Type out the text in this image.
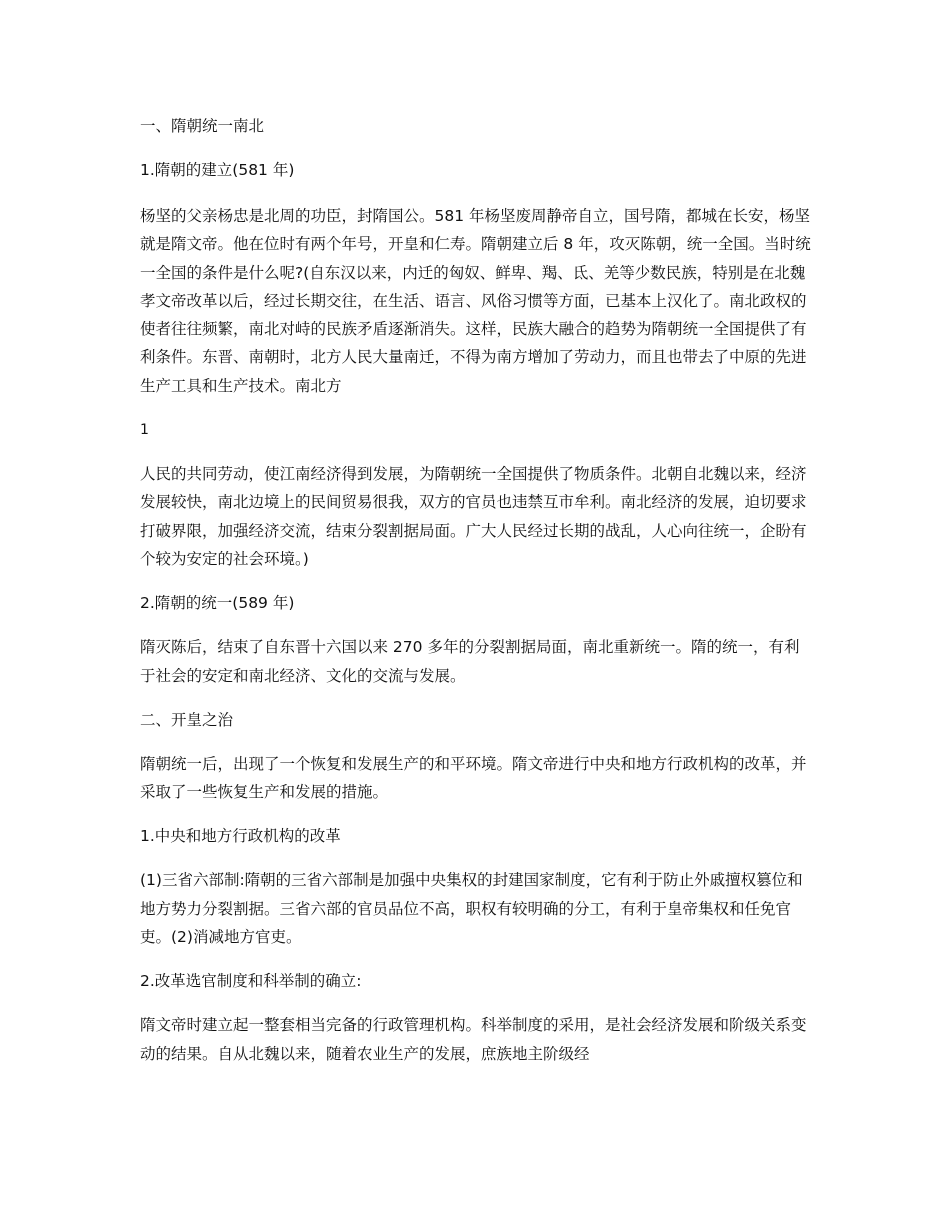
一、隋朝统一南北

1.隋朝的建立(581 年)

杨坚的父亲杨忠是北周的功臣，封隋国公。581 年杨坚废周静帝自立，国号隋，都城在长安，杨坚就是隋文帝。他在位时有两个年号，开皇和仁寿。隋朝建立后 8 年，攻灭陈朝，统一全国。当时统一全国的条件是什么呢?(自东汉以来，内迁的匈奴、鲜卑、羯、氐、羌等少数民族，特别是在北魏孝文帝改革以后，经过长期交往，在生活、语言、风俗习惯等方面，已基本上汉化了。南北政权的使者往往频繁，南北对峙的民族矛盾逐渐消失。这样，民族大融合的趋势为隋朝统一全国提供了有利条件。东晋、南朝时，北方人民大量南迁，不得为南方增加了劳动力，而且也带去了中原的先进生产工具和生产技术。南北方

1

人民的共同劳动，使江南经济得到发展，为隋朝统一全国提供了物质条件。北朝自北魏以来，经济发展较快，南北边境上的民间贸易很我，双方的官员也违禁互市牟利。南北经济的发展，迫切要求打破界限，加强经济交流，结束分裂割据局面。广大人民经过长期的战乱，人心向往统一，企盼有个较为安定的社会环境。)

2.隋朝的统一(589 年)

隋灭陈后，结束了自东晋十六国以来 270 多年的分裂割据局面，南北重新统一。隋的统一，有利于社会的安定和南北经济、文化的交流与发展。

二、开皇之治

隋朝统一后，出现了一个恢复和发展生产的和平环境。隋文帝进行中央和地方行政机构的改革，并采取了一些恢复生产和发展的措施。

1.中央和地方行政机构的改革

(1)三省六部制:隋朝的三省六部制是加强中央集权的封建国家制度，它有利于防止外戚擅权篡位和地方势力分裂割据。三省六部的官员品位不高，职权有较明确的分工，有利于皇帝集权和任免官吏。(2)消减地方官吏。

2.改革选官制度和科举制的确立:

隋文帝时建立起一整套相当完备的行政管理机构。科举制度的采用，是社会经济发展和阶级关系变动的结果。自从北魏以来，随着农业生产的发展，庶族地主阶级经
